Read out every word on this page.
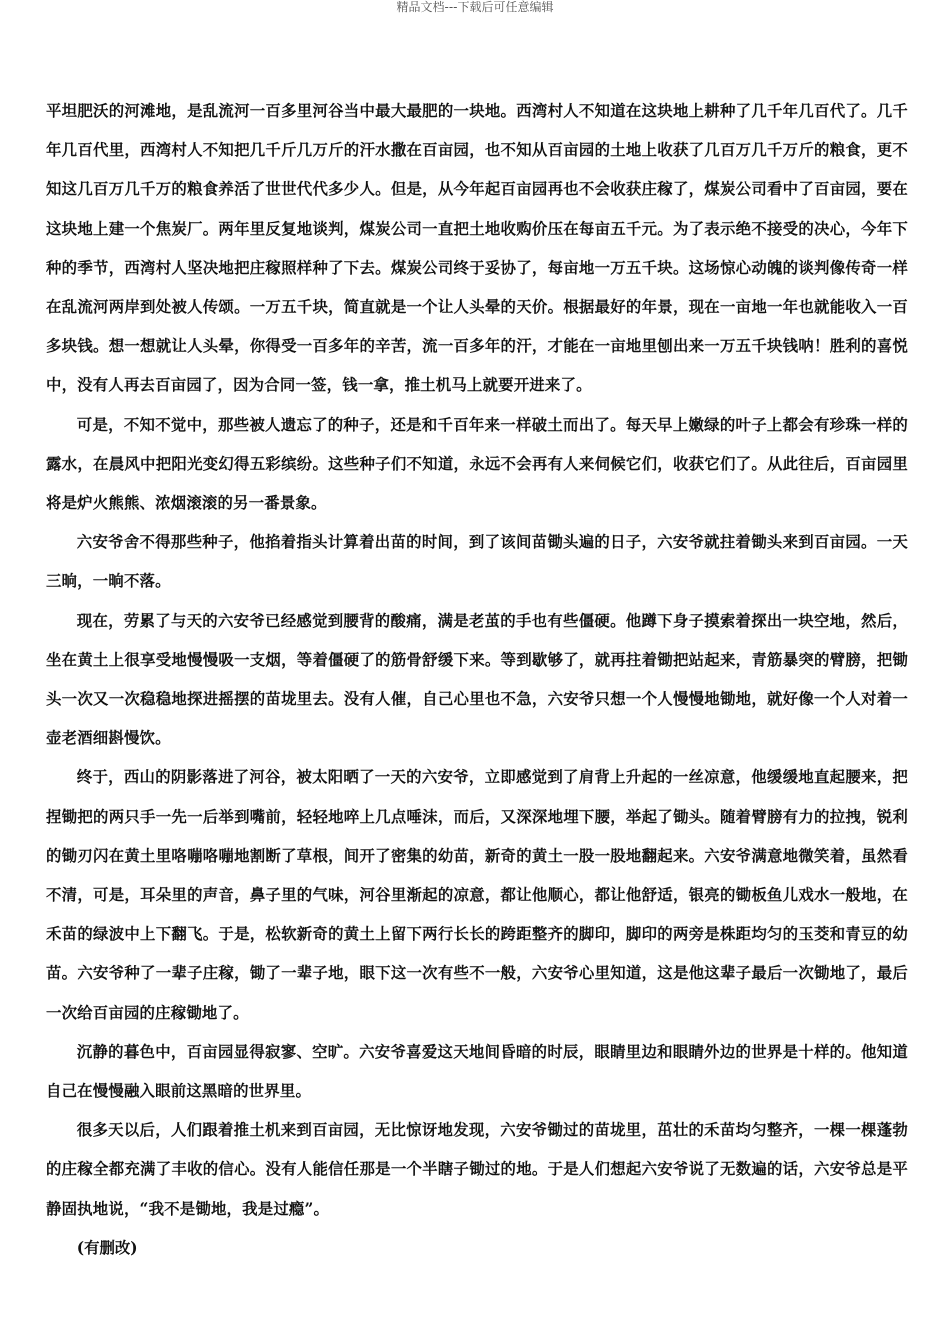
精品文档---下载后可任意编辑

平坦肥沃的河滩地，是乱流河一百多里河谷当中最大最肥的一块地。西湾村人不知道在这块地上耕种了几千年几百代了。几千年几百代里，西湾村人不知把几千斤几万斤的汗水撒在百亩园，也不知从百亩园的土地上收获了几百万几千万斤的粮食，更不知这几百万几千万的粮食养活了世世代代多少人。但是，从今年起百亩园再也不会收获庄稼了，煤炭公司看中了百亩园，要在这块地上建一个焦炭厂。两年里反复地谈判，煤炭公司一直把土地收购价压在每亩五千元。为了表示绝不接受的决心，今年下种的季节，西湾村人坚决地把庄稼照样种了下去。煤炭公司终于妥协了，每亩地一万五千块。这场惊心动魄的谈判像传奇一样在乱流河两岸到处被人传颂。一万五千块，简直就是一个让人头晕的天价。根据最好的年景，现在一亩地一年也就能收入一百多块钱。想一想就让人头晕，你得受一百多年的辛苦，流一百多年的汗，才能在一亩地里刨出来一万五千块钱呐！胜利的喜悦中，没有人再去百亩园了，因为合同一签，钱一拿，推土机马上就要开进来了。

可是，不知不觉中，那些被人遗忘了的种子，还是和千百年来一样破土而出了。每天早上嫩绿的叶子上都会有珍珠一样的露水，在晨风中把阳光变幻得五彩缤纷。这些种子们不知道，永远不会再有人来伺候它们，收获它们了。从此往后，百亩园里将是炉火熊熊、浓烟滚滚的另一番景象。

六安爷舍不得那些种子，他掐着指头计算着出苗的时间，到了该间苗锄头遍的日子，六安爷就拄着锄头来到百亩园。一天三晌，一晌不落。

现在，劳累了与天的六安爷已经感觉到腰背的酸痛，满是老茧的手也有些僵硬。他蹲下身子摸索着探出一块空地，然后，坐在黄土上很享受地慢慢吸一支烟，等着僵硬了的筋骨舒缓下来。等到歇够了，就再拄着锄把站起来，青筋暴突的臂膀，把锄头一次又一次稳稳地探进摇摆的苗垅里去。没有人催，自己心里也不急，六安爷只想一个人慢慢地锄地，就好像一个人对着一壶老酒细斟慢饮。

终于，西山的阴影落进了河谷，被太阳晒了一天的六安爷，立即感觉到了肩背上升起的一丝凉意，他缓缓地直起腰来，把捏锄把的两只手一先一后举到嘴前，轻轻地啐上几点唾沫，而后，又深深地埋下腰，举起了锄头。随着臂膀有力的拉拽，锐利的锄刃闪在黄土里咯嘣咯嘣地割断了草根，间开了密集的幼苗，新奇的黄土一股一股地翻起来。六安爷满意地微笑着，虽然看不清，可是，耳朵里的声音，鼻子里的气味，河谷里渐起的凉意，都让他顺心，都让他舒适，银亮的锄板鱼儿戏水一般地，在禾苗的绿波中上下翻飞。于是，松软新奇的黄土上留下两行长长的跨距整齐的脚印，脚印的两旁是株距均匀的玉茭和青豆的幼苗。六安爷种了一辈子庄稼，锄了一辈子地，眼下这一次有些不一般，六安爷心里知道，这是他这辈子最后一次锄地了，最后一次给百亩园的庄稼锄地了。

沉静的暮色中，百亩园显得寂寥、空旷。六安爷喜爱这天地间昏暗的时辰，眼睛里边和眼睛外边的世界是十样的。他知道自己在慢慢融入眼前这黑暗的世界里。

很多天以后，人们跟着推土机来到百亩园，无比惊讶地发现，六安爷锄过的苗垅里，茁壮的禾苗均匀整齐，一棵一棵蓬勃的庄稼全都充满了丰收的信心。没有人能信任那是一个半瞎子锄过的地。于是人们想起六安爷说了无数遍的话，六安爷总是平静固执地说，“我不是锄地，我是过瘾”。

(有删改)
